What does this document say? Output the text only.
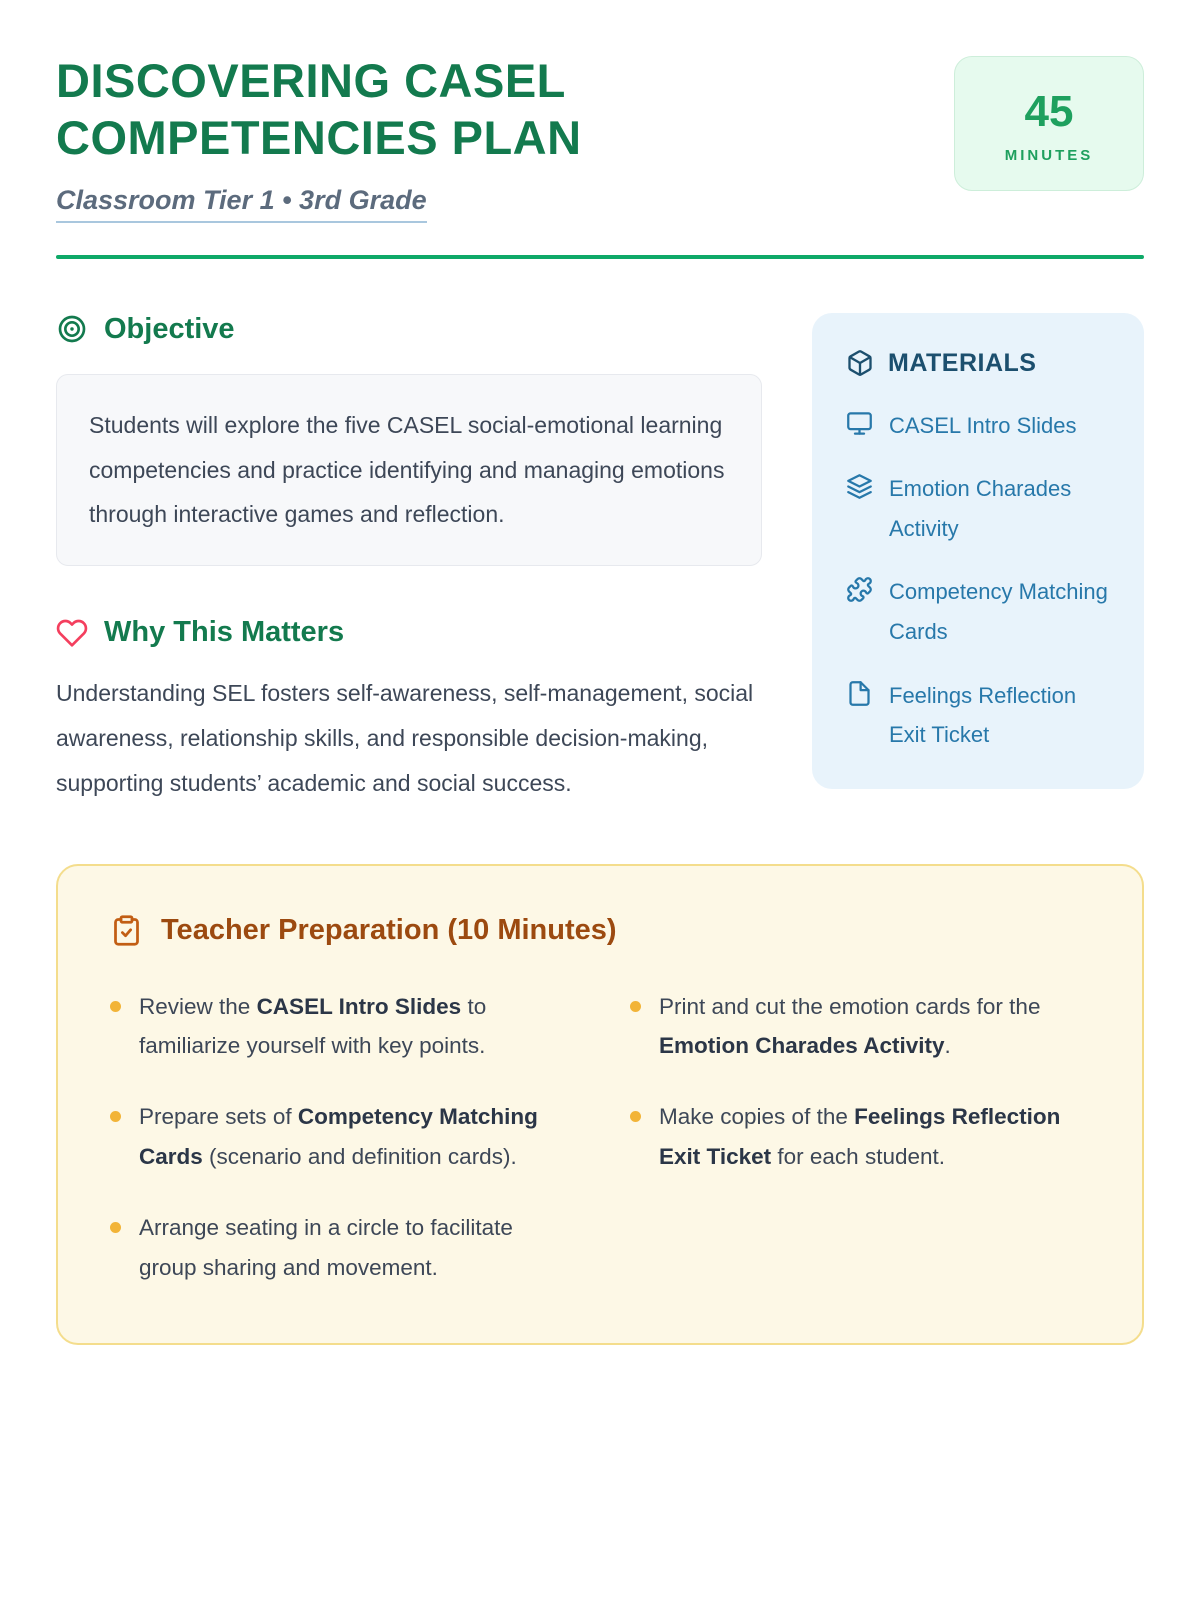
DISCOVERING CASEL
COMPETENCIES PLAN
Classroom Tier 1 • 3rd Grade
45
MINUTES
Objective
Students will explore the five CASEL social-emotional learning competencies and practice identifying and managing emotions through interactive games and reflection.
Why This Matters

Understanding SEL fosters self-awareness, self-management, social awareness, relationship skills, and responsible decision-making, supporting students’ academic and social success.

MATERIALS
CASEL Intro Slides
Emotion Charades Activity
Competency Matching Cards
Feelings Reflection Exit Ticket
Teacher Preparation (10 Minutes)

Review the CASEL Intro Slides to familiarize yourself with key points.

Prepare sets of Competency Matching Cards (scenario and definition cards).

Arrange seating in a circle to facilitate group sharing and movement.

Print and cut the emotion cards for the Emotion Charades Activity.

Make copies of the Feelings Reflection Exit Ticket for each student.
